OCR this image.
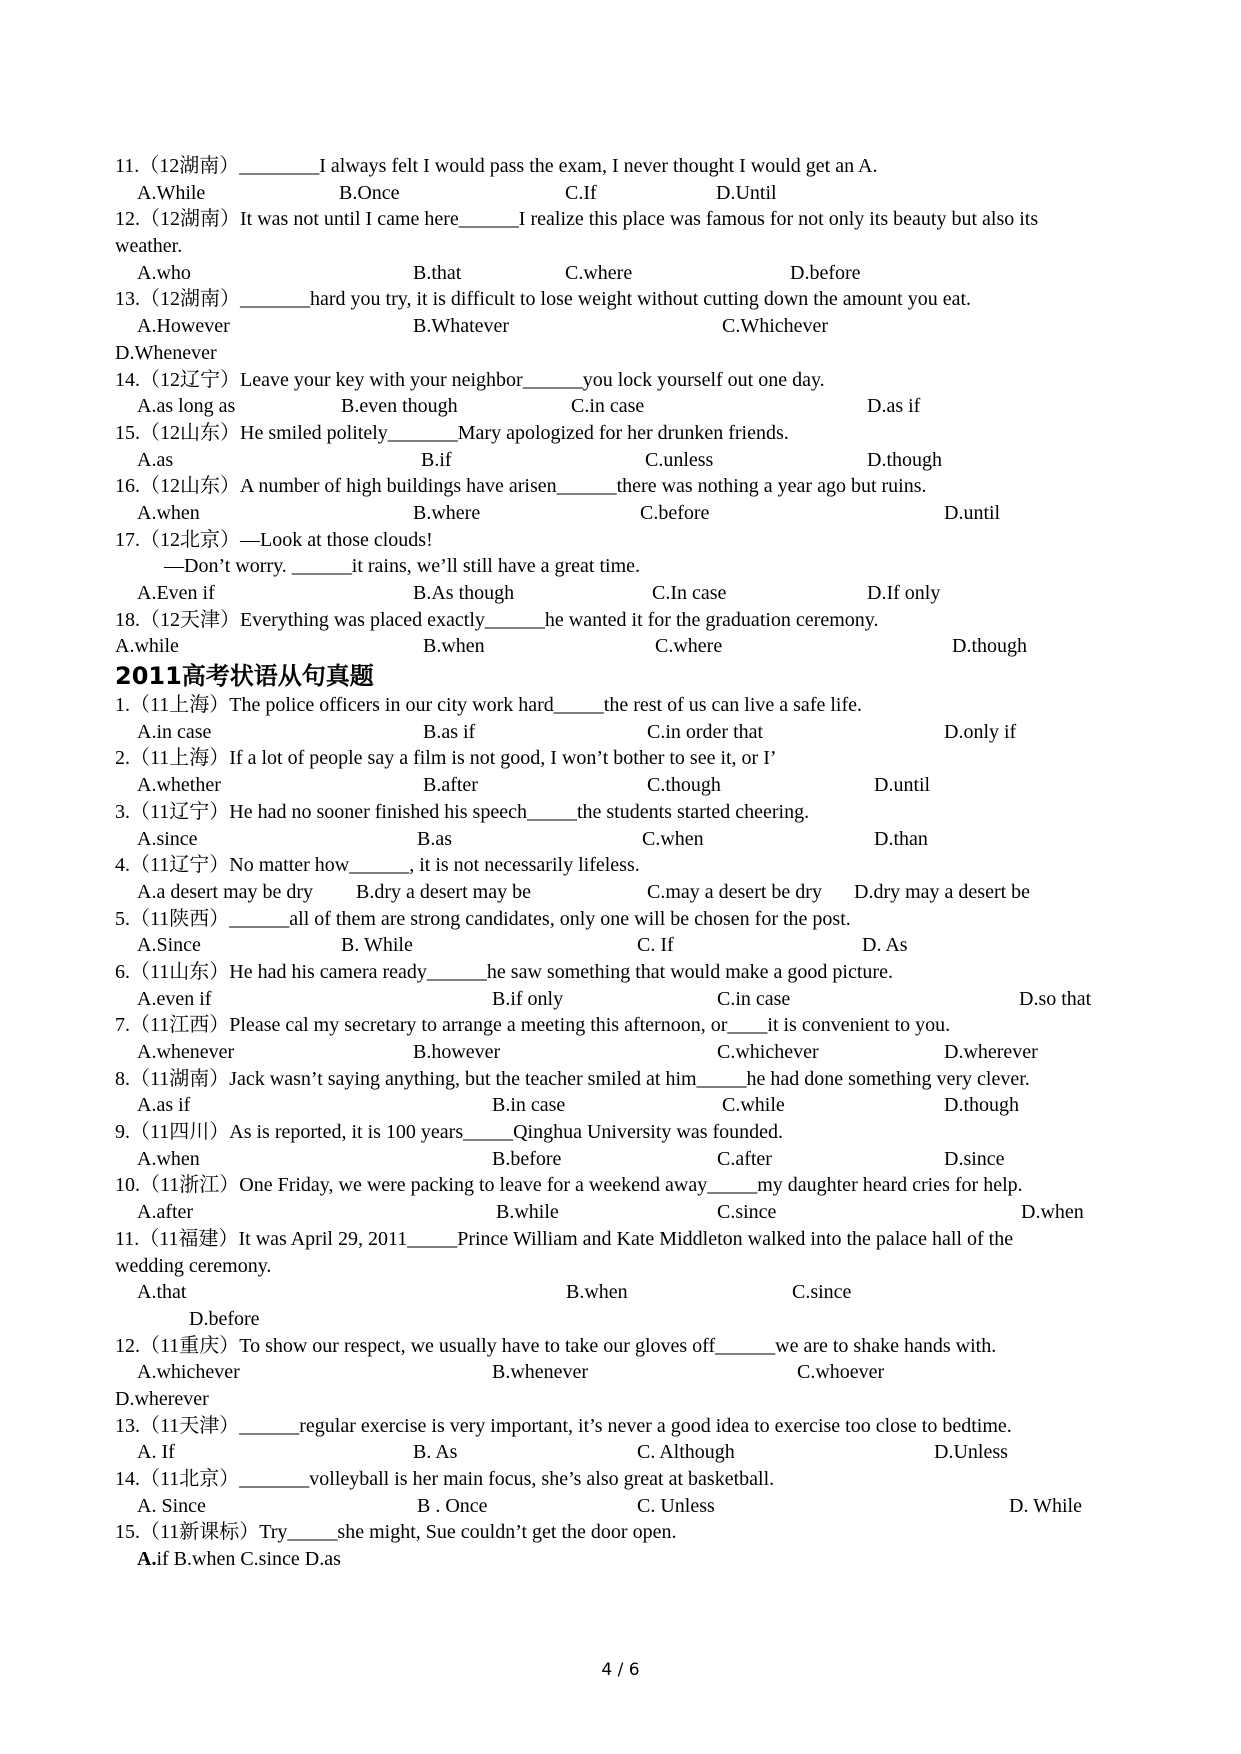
11.（12湖南）________I always felt I would pass the exam, I never thought I would get an A.
A.While	B.Once	C.If	D.Until
12.（12湖南）It was not until I came here______I realize this place was famous for not only its beauty but also its
weather.
A.who	B.that	C.where	D.before
13.（12湖南）_______hard you try, it is difficult to lose weight without cutting down the amount you eat.
A.However	B.Whatever	C.Whichever
D.Whenever
14.（12辽宁）Leave your key with your neighbor______you lock yourself out one day.
A.as long as	B.even though	C.in case	D.as if
15.（12山东）He smiled politely_______Mary apologized for her drunken friends.
A.as	B.if	C.unless	D.though
16.（12山东）A number of high buildings have arisen______there was nothing a year ago but ruins.
A.when	B.where	C.before	D.until
17.（12北京）—Look at those clouds!
—Don’t worry. ______it rains, we’ll still have a great time.
A.Even if	B.As though	C.In case	D.If only
18.（12天津）Everything was placed exactly______he wanted it for the graduation ceremony.
A.while	B.when	C.where	D.though
2011高考状语从句真题
1.（11上海）The police officers in our city work hard_____the rest of us can live a safe life.
A.in case	B.as if	C.in order that	D.only if
2.（11上海）If a lot of people say a film is not good, I won’t bother to see it, or I’
A.whether	B.after	C.though	D.until
3.（11辽宁）He had no sooner finished his speech_____the students started cheering.
A.since	B.as	C.when	D.than
4.（11辽宁）No matter how______, it is not necessarily lifeless.
A.a desert may be dry B.dry a desert may be	C.may a desert be dry D.dry may a desert be
5.（11陕西）______all of them are strong candidates, only one will be chosen for the post.
A.Since	B. While	C. If	D. As
6.（11山东）He had his camera ready______he saw something that would make a good picture.
A.even if	B.if only	C.in case	D.so that
7.（11江西）Please cal my secretary to arrange a meeting this afternoon, or____it is convenient to you.
A.whenever	B.however	C.whichever	D.wherever
8.（11湖南）Jack wasn’t saying anything, but the teacher smiled at him_____he had done something very clever.
A.as if	B.in case	C.while	D.though
9.（11四川）As is reported, it is 100 years_____Qinghua University was founded.
A.when	B.before	C.after	D.since
10.（11浙江）One Friday, we were packing to leave for a weekend away_____my daughter heard cries for help.
A.after	B.while	C.since	D.when
11.（11福建）It was April 29, 2011_____Prince William and Kate Middleton walked into the palace hall of the
wedding ceremony.
A.that	B.when	C.since
D.before
12.（11重庆）To show our respect, we usually have to take our gloves off______we are to shake hands with.
A.whichever	B.whenever	C.whoever
D.wherever
13.（11天津）______regular exercise is very important, it’s never a good idea to exercise too close to bedtime.
A. If	B. As	C. Although	D.Unless
14.（11北京）_______volleyball is her main focus, she’s also great at basketball.
A. Since	B . Once	C. Unless	D. While
15.（11新课标）Try_____she might, Sue couldn’t get the door open.
A.if B.when C.since D.as
4 / 6
